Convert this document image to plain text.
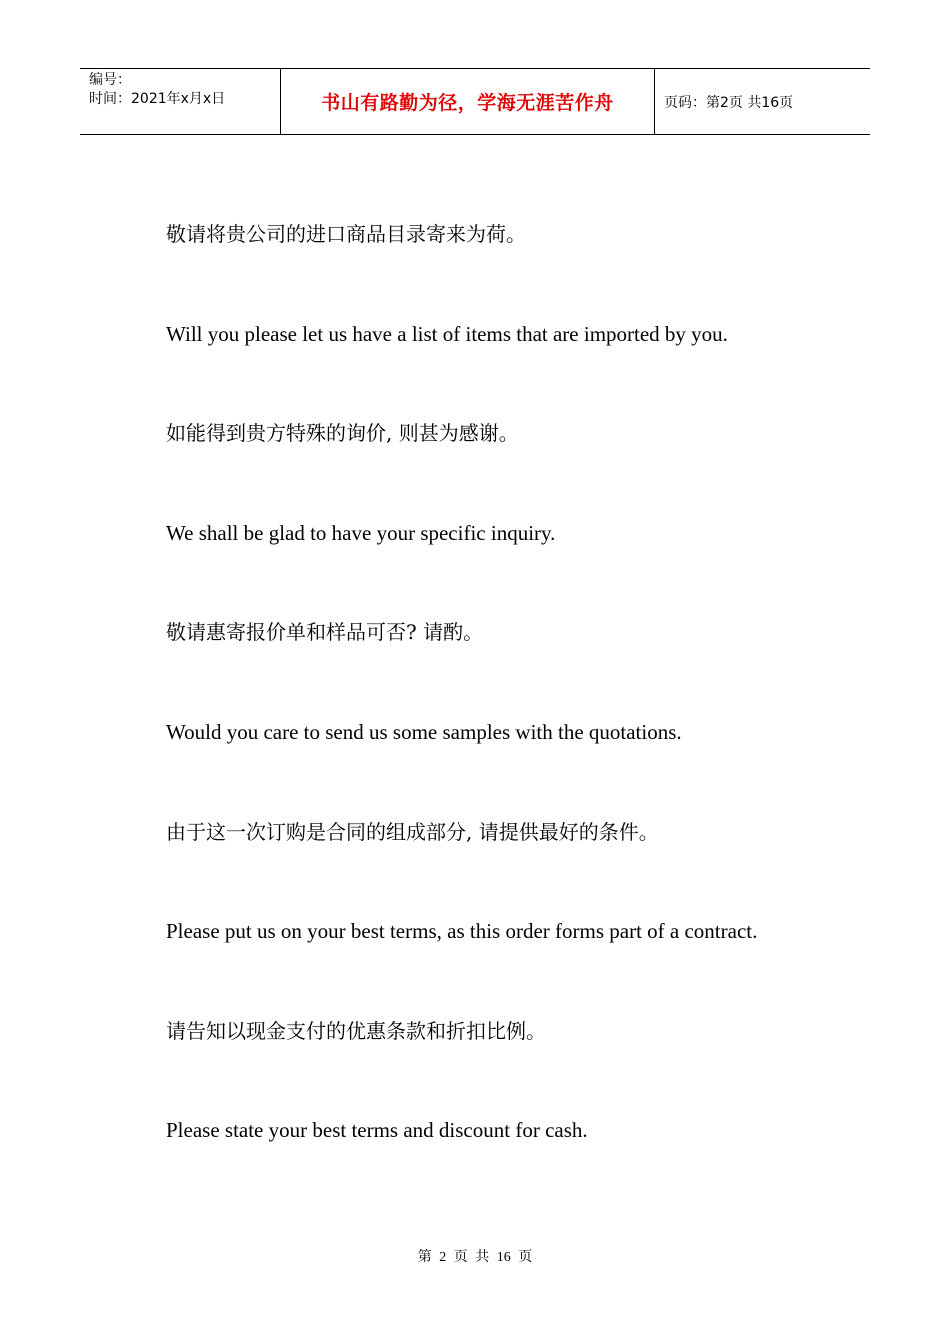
编号：
时间：2021年x月x日	书山有路勤为径，学海无涯苦作舟	页码：第2页 共16页
敬请将贵公司的进口商品目录寄来为荷。
Will you please let us have a list of items that are imported by you.
如能得到贵方特殊的询价, 则甚为感谢。
We shall be glad to have your specific inquiry.
敬请惠寄报价单和样品可否? 请酌。
Would you care to send us some samples with the quotations.
由于这一次订购是合同的组成部分, 请提供最好的条件。
Please put us on your best terms, as this order forms part of a contract.
请告知以现金支付的优惠条款和折扣比例。
Please state your best terms and discount for cash.
第 2 页 共 16 页
